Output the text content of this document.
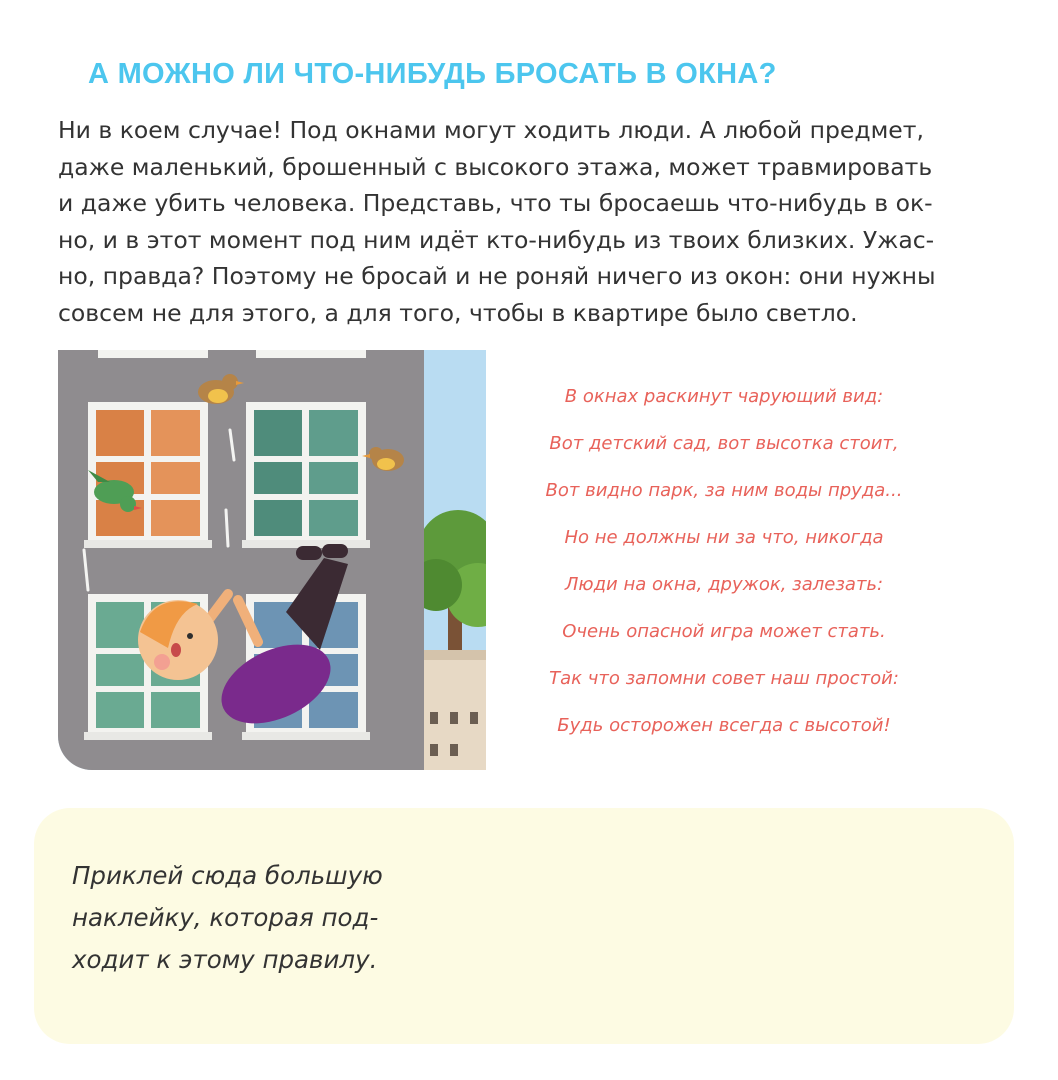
А МОЖНО ЛИ ЧТО-НИБУДЬ БРОСАТЬ В ОКНА?
Ни в коем случае! Под окнами могут ходить люди. А любой предмет,
даже маленький, брошенный с высокого этажа, может травмировать
и даже убить человека. Представь, что ты бросаешь что-нибудь в ок-
но, и в этот момент под ним идёт кто-нибудь из твоих близких. Ужас-
но, правда? Поэтому не бросай и не роняй ничего из окон: они нужны
совсем не для этого, а для того, чтобы в квартире было светло.
В окнах раскинут чарующий вид:
Вот детский сад, вот высотка стоит,
Вот видно парк, за ним воды пруда...
Но не должны ни за что, никогда
Люди на окна, дружок, залезать:
Очень опасной игра может стать.
Так что запомни совет наш простой:
Будь осторожен всегда с высотой!
Приклей сюда большую
наклейку, которая под-
ходит к этому правилу.
